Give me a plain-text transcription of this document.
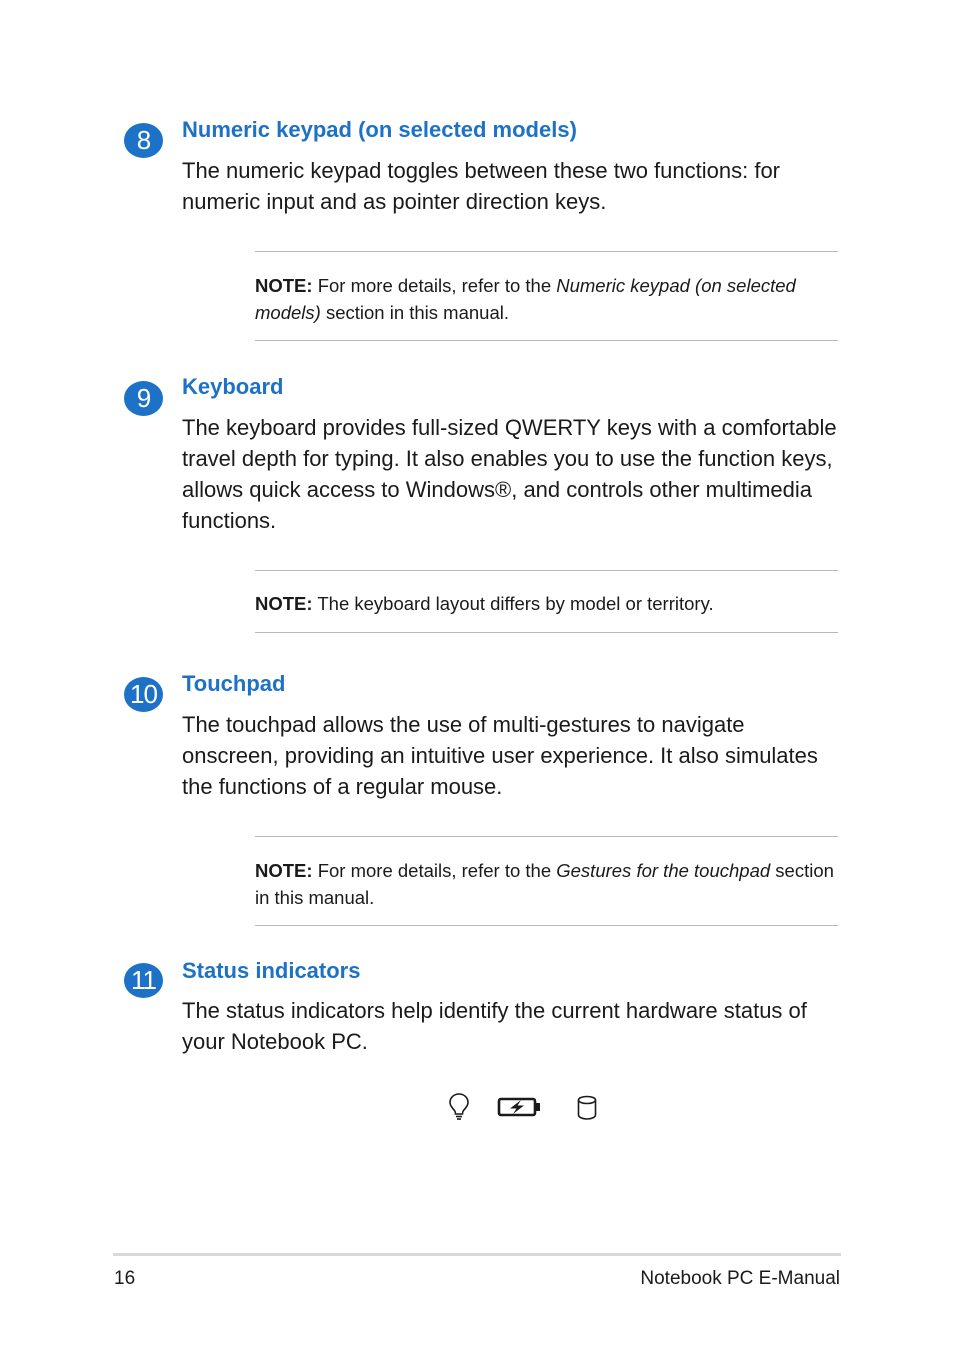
8	Numeric keypad (on selected models)

The numeric keypad toggles between these two functions: for numeric input and as pointer direction keys.

NOTE: For more details, refer to the Numeric keypad (on selected models) section in this manual.

9	Keyboard

The keyboard provides full-sized QWERTY keys with a comfortable travel depth for typing. It also enables you to use the function keys, allows quick access to Windows®, and controls other multimedia functions.

NOTE: The keyboard layout differs by model or territory.

10 Touchpad

The touchpad allows the use of multi-gestures to navigate onscreen, providing an intuitive user experience. It also simulates the functions of a regular mouse.

NOTE: For more details, refer to the Gestures for the touchpad section in this manual.

11	Status indicators

The status indicators help identify the current hardware status of your Notebook PC.

16	Notebook PC E-Manual
